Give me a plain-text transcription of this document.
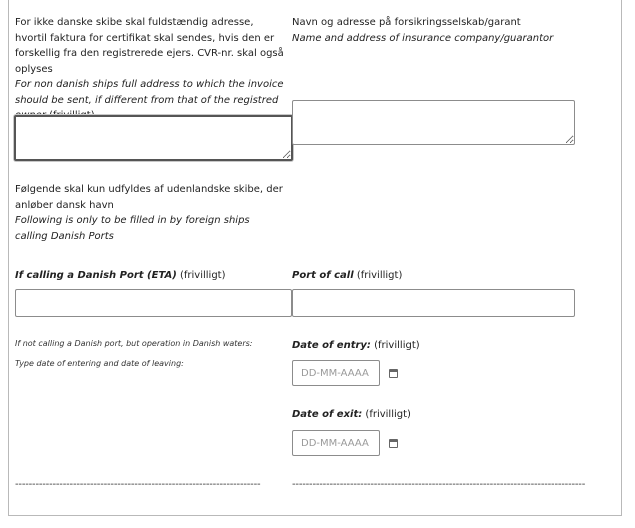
For ikke danske skibe skal fuldstændig adresse, hvortil faktura for certifikat skal sendes, hvis den er forskellig fra den registrerede ejers. CVR-nr. skal også oplyses
For non danish ships full address to which the invoice should be sent, if different from that of the registred
Navn og adresse på forsikringsselskab/garant
Name and address of insurance company/guarantor
Følgende skal kun udfyldes af udenlandske skibe, der anløber dansk havn
Following is only to be filled in by foreign ships calling Danish Ports
If calling a Danish Port (ETA) (frivilligt)	Port of call (frivilligt)
If not calling a Danish port, but operation in Danish waters:
Type date of entering and date of leaving:
Date of entry: (frivilligt)
DD-MM-AAAA
Date of exit: (frivilligt)
DD-MM-AAAA
------------------------------------------------------------------------	--------------------------------------------------------------------------------------
